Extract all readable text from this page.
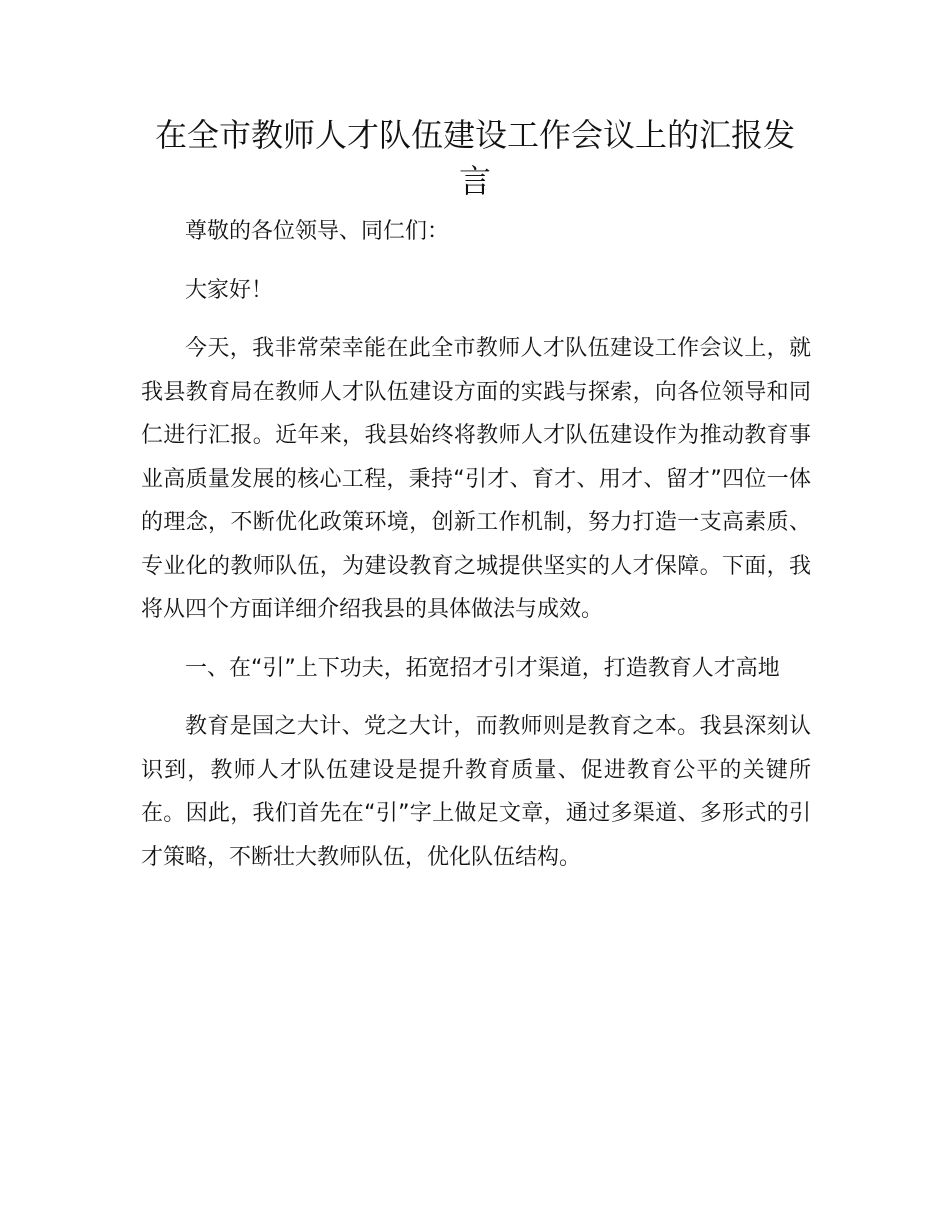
在全市教师人才队伍建设工作会议上的汇报发言

尊敬的各位领导、同仁们：

大家好！

今天，我非常荣幸能在此全市教师人才队伍建设工作会议上，就我县教育局在教师人才队伍建设方面的实践与探索，向各位领导和同仁进行汇报。近年来，我县始终将教师人才队伍建设作为推动教育事业高质量发展的核心工程，秉持“引才、育才、用才、留才”四位一体的理念，不断优化政策环境，创新工作机制，努力打造一支高素质、专业化的教师队伍，为建设教育之城提供坚实的人才保障。下面，我将从四个方面详细介绍我县的具体做法与成效。

一、在“引”上下功夫，拓宽招才引才渠道，打造教育人才高地

教育是国之大计、党之大计，而教师则是教育之本。我县深刻认识到，教师人才队伍建设是提升教育质量、促进教育公平的关键所在。因此，我们首先在“引”字上做足文章，通过多渠道、多形式的引才策略，不断壮大教师队伍，优化队伍结构。
